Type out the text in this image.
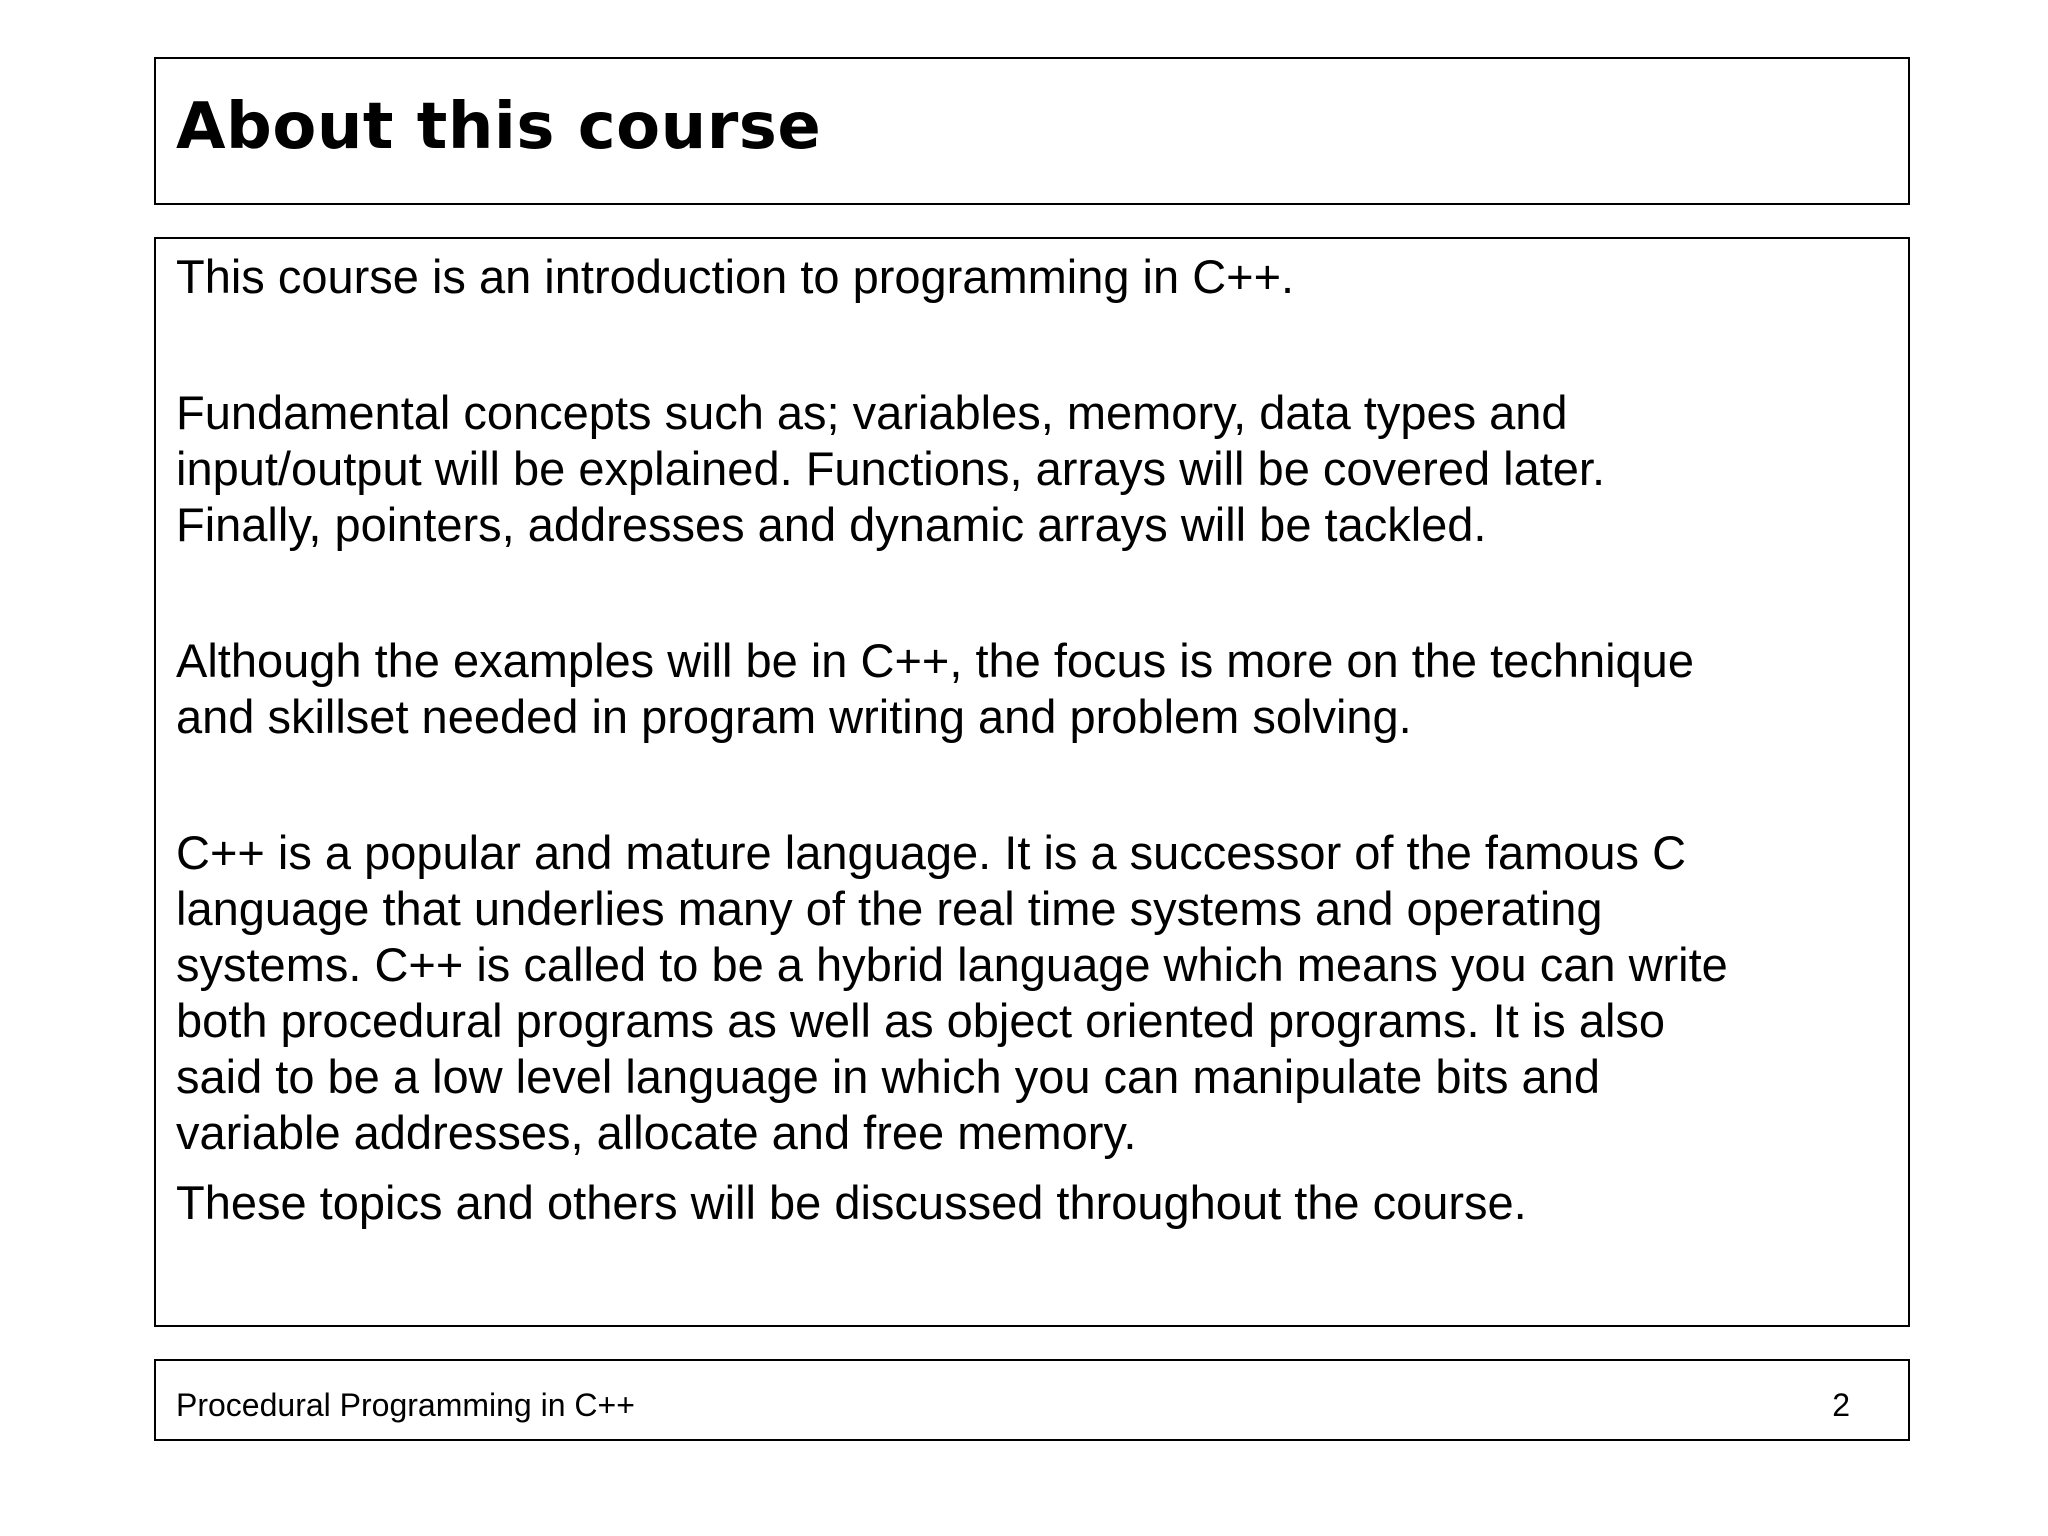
About this course

This course is an introduction to programming in C++.

Fundamental concepts such as; variables, memory, data types and
input/output will be explained. Functions, arrays will be covered later.
Finally, pointers, addresses and dynamic arrays will be tackled.

Although the examples will be in C++, the focus is more on the technique
and skillset needed in program writing and problem solving.

C++ is a popular and mature language. It is a successor of the famous C
language that underlies many of the real time systems and operating
systems. C++ is called to be a hybrid language which means you can write
both procedural programs as well as object oriented programs. It is also
said to be a low level language in which you can manipulate bits and
variable addresses, allocate and free memory.

These topics and others will be discussed throughout the course.

Procedural Programming in C++	2
